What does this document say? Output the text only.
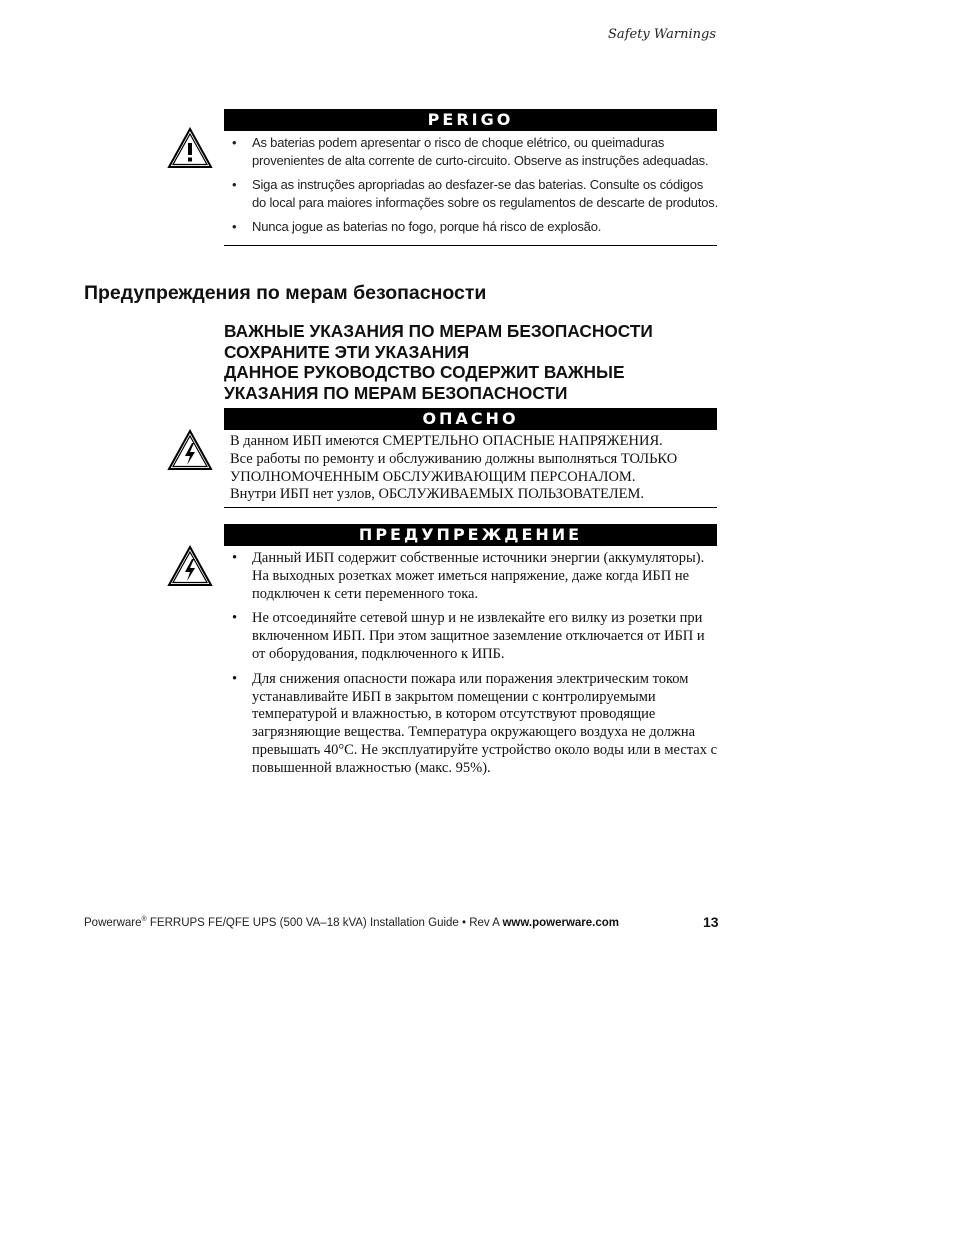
Safety Warnings
PERIGO
• As baterias podem apresentar o risco de choque elétrico, ou queimaduras provenientes de alta corrente de curto-circuito. Observe as instruções adequadas.
• Siga as instruções apropriadas ao desfazer-se das baterias. Consulte os códigos do local para maiores informações sobre os regulamentos de descarte de produtos.
• Nunca jogue as baterias no fogo, porque há risco de explosão.
Предупреждения по мерам безопасности
ВАЖНЫЕ УКАЗАНИЯ ПО МЕРАМ БЕЗОПАСНОСТИ
СОХРАНИТЕ ЭТИ УКАЗАНИЯ
ДАННОЕ РУКОВОДСТВО СОДЕРЖИТ ВАЖНЫЕ
УКАЗАНИЯ ПО МЕРАМ БЕЗОПАСНОСТИ
ОПАСНО
В данном ИБП имеются СМЕРТЕЛЬНО ОПАСНЫЕ НАПРЯЖЕНИЯ.
Все работы по ремонту и обслуживанию должны выполняться ТОЛЬКО
УПОЛНОМОЧЕННЫМ ОБСЛУЖИВАЮЩИМ ПЕРСОНАЛОМ.
Внутри ИБП нет узлов, ОБСЛУЖИВАЕМЫХ ПОЛЬЗОВАТЕЛЕМ.
ПРЕДУПРЕЖДЕНИЕ
• Данный ИБП содержит собственные источники энергии (аккумуляторы). На выходных розетках может иметься напряжение, даже когда ИБП не подключен к сети переменного тока.
• Не отсоединяйте сетевой шнур и не извлекайте его вилку из розетки при включенном ИБП. При этом защитное заземление отключается от ИБП и от оборудования, подключенного к ИПБ.
• Для снижения опасности пожара или поражения электрическим током устанавливайте ИБП в закрытом помещении с контролируемыми температурой и влажностью, в котором отсутствуют проводящие загрязняющие вещества. Температура окружающего воздуха не должна превышать 40°C. Не эксплуатируйте устройство около воды или в местах с повышенной влажностью (макс. 95%).
Powerware® FERRUPS FE/QFE UPS (500 VA–18 kVA) Installation Guide • Rev A www.powerware.com	13
